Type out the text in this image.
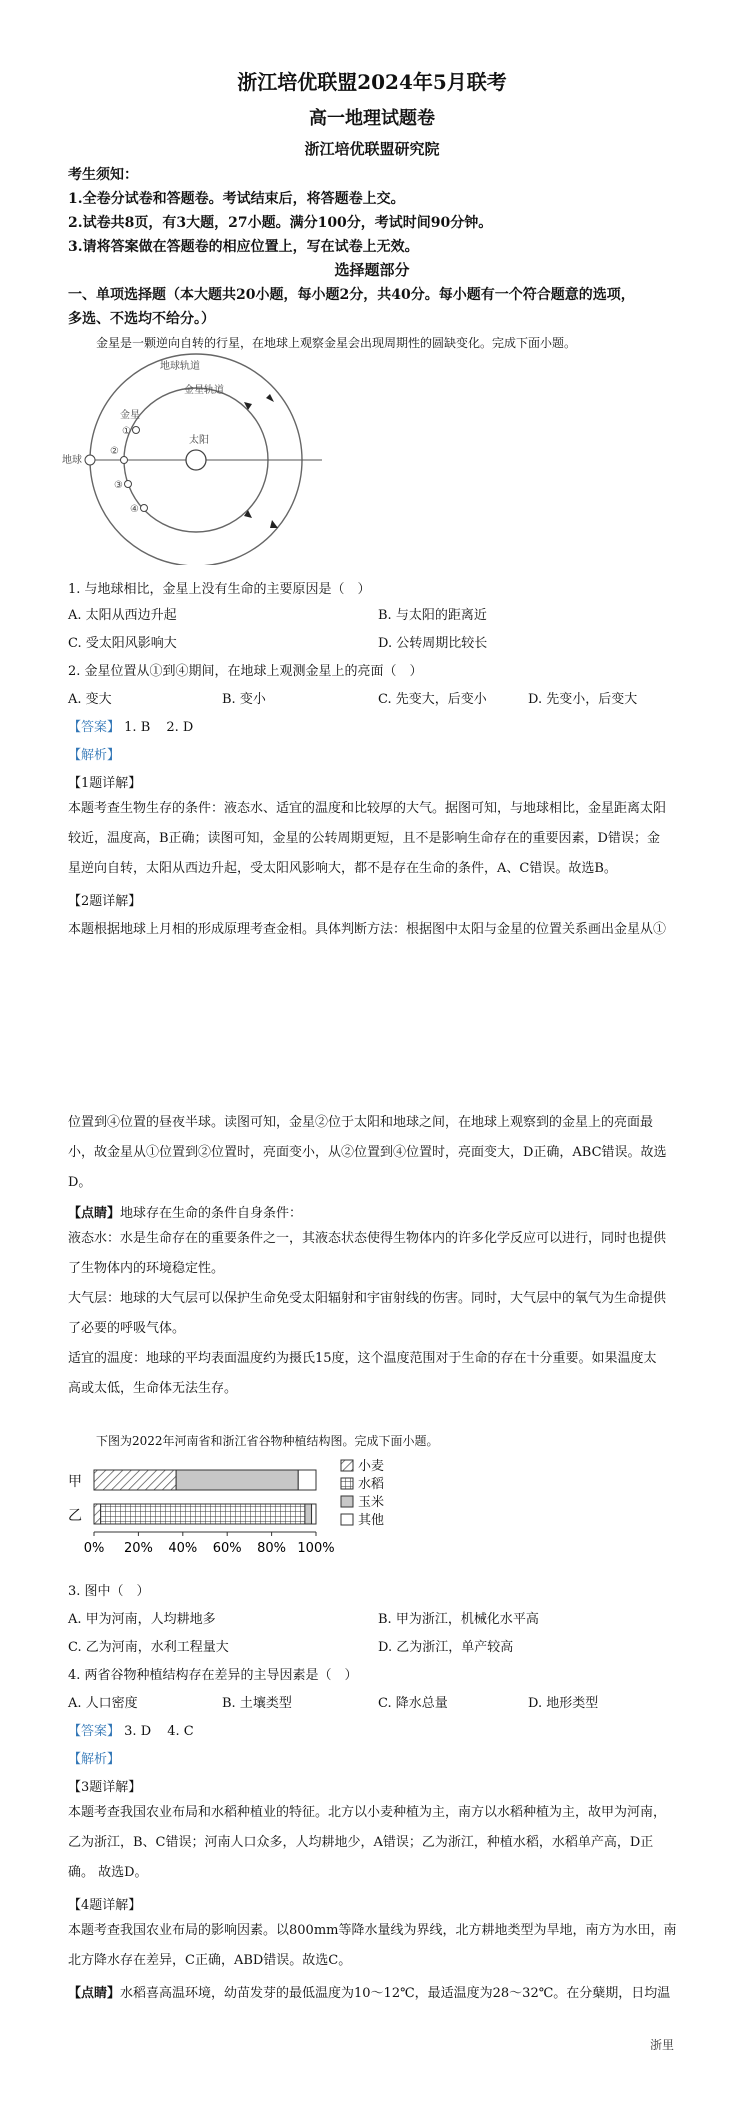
浙江培优联盟2024年5月联考
高一地理试题卷
浙江培优联盟研究院
考生须知：
1.全卷分试卷和答题卷。考试结束后，将答题卷上交。
2.试卷共8页，有3大题，27小题。满分100分，考试时间90分钟。
3.请将答案做在答题卷的相应位置上，写在试卷上无效。
选择题部分
一、单项选择题（本大题共20小题，每小题2分，共40分。每小题有一个符合题意的选项，
多选、不选均不给分。）
金星是一颗逆向自转的行星，在地球上观察金星会出现周期性的圆缺变化。完成下面小题。
地球轨道
金星轨道
金星
太阳
地球
①
②
③
④
1. 与地球相比，金星上没有生命的主要原因是（　）
A. 太阳从西边升起	B. 与太阳的距离近
C. 受太阳风影响大	D. 公转周期比较长
2. 金星位置从①到④期间，在地球上观测金星上的亮面（　）
A. 变大	B. 变小	C. 先变大，后变小	D. 先变小，后变大
【答案】 1. B 2. D
【解析】
【1题详解】
本题考查生物生存的条件：液态水、适宜的温度和比较厚的大气。据图可知，与地球相比，金星距离太阳
较近，温度高，B正确；读图可知，金星的公转周期更短，且不是影响生命存在的重要因素，D错误；金
星逆向自转，太阳从西边升起，受太阳风影响大，都不是存在生命的条件，A、C错误。故选B。
【2题详解】
本题根据地球上月相的形成原理考查金相。具体判断方法：根据图中太阳与金星的位置关系画出金星从①
位置到④位置的昼夜半球。读图可知，金星②位于太阳和地球之间，在地球上观察到的金星上的亮面最
小，故金星从①位置到②位置时，亮面变小，从②位置到④位置时，亮面变大，D正确，ABC错误。故选
D。
【点睛】地球存在生命的条件自身条件：
液态水：水是生命存在的重要条件之一，其液态状态使得生物体内的许多化学反应可以进行，同时也提供
了生物体内的环境稳定性。
大气层：地球的大气层可以保护生命免受太阳辐射和宇宙射线的伤害。同时，大气层中的氧气为生命提供
了必要的呼吸气体。
适宜的温度：地球的平均表面温度约为摄氏15度，这个温度范围对于生命的存在十分重要。如果温度太
高或太低，生命体无法生存。
下图为2022年河南省和浙江省谷物种植结构图。完成下面小题。
甲
乙
0% 20% 40% 60% 80% 100%
小麦
水稻
玉米
其他
3. 图中（　）
A. 甲为河南，人均耕地多	B. 甲为浙江，机械化水平高
C. 乙为河南，水利工程量大	D. 乙为浙江，单产较高
4. 两省谷物种植结构存在差异的主导因素是（　）
A. 人口密度	B. 土壤类型	C. 降水总量	D. 地形类型
【答案】 3. D 4. C
【解析】
【3题详解】
本题考查我国农业布局和水稻种植业的特征。北方以小麦种植为主，南方以水稻种植为主，故甲为河南，
乙为浙江，B、C错误；河南人口众多，人均耕地少，A错误；乙为浙江，种植水稻，水稻单产高，D正
确。 故选D。
【4题详解】
本题考查我国农业布局的影响因素。以800mm等降水量线为界线，北方耕地类型为旱地，南方为水田，南
北方降水存在差异，C正确，ABD错误。故选C。
【点睛】水稻喜高温环境，幼苗发芽的最低温度为10～12℃，最适温度为28～32℃。在分蘖期，日均温
浙里
